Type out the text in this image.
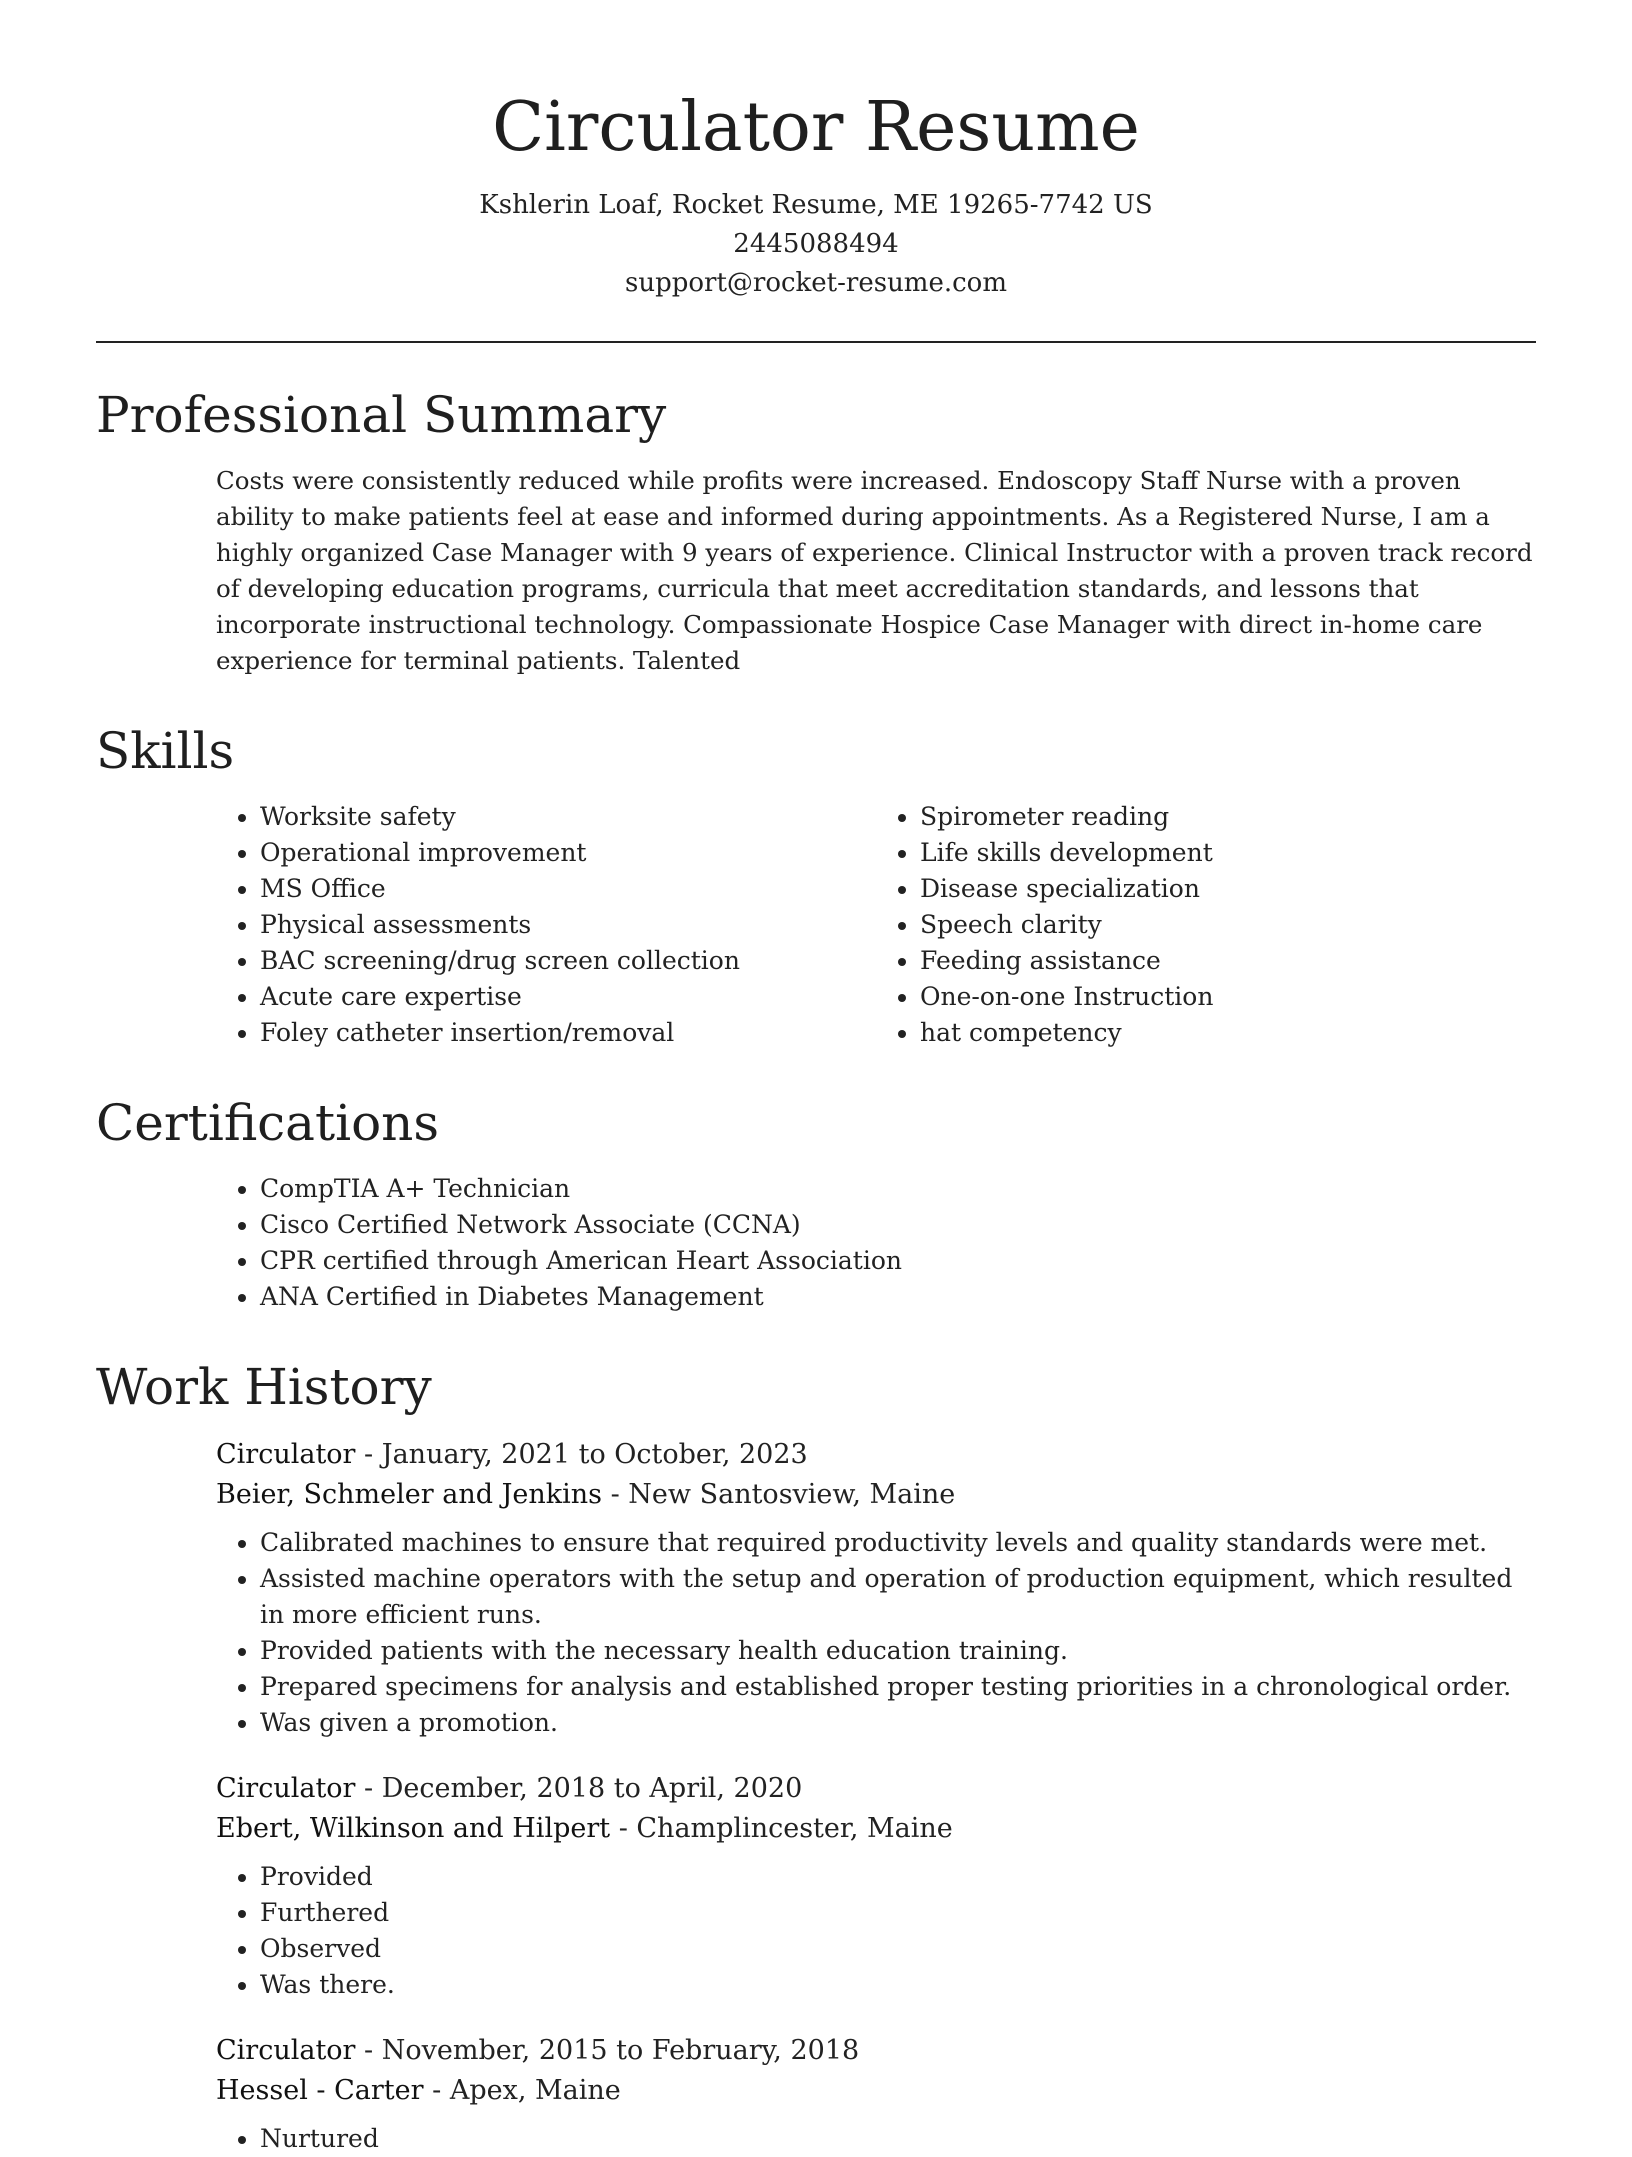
Circulator Resume
Kshlerin Loaf, Rocket Resume, ME 19265-7742 US
2445088494
support@rocket-resume.com
Professional Summary

Costs were consistently reduced while profits were increased. Endoscopy Staff Nurse with a proven ability to make patients feel at ease and informed during appointments. As a Registered Nurse, I am a highly organized Case Manager with 9 years of experience. Clinical Instructor with a proven track record of developing education programs, curricula that meet accreditation standards, and lessons that incorporate instructional technology. Compassionate Hospice Case Manager with direct in-home care experience for terminal patients. Talented

Skills
• Worksite safety
• Operational improvement
• MS Office
• Physical assessments
• BAC screening/drug screen collection
• Acute care expertise
• Foley catheter insertion/removal
• Spirometer reading
• Life skills development
• Disease specialization
• Speech clarity
• Feeding assistance
• One-on-one Instruction
• hat competency
Certifications
• CompTIA A+ Technician
• Cisco Certified Network Associate (CCNA)
• CPR certified through American Heart Association
• ANA Certified in Diabetes Management
Work History
Circulator - January, 2021 to October, 2023
Beier, Schmeler and Jenkins - New Santosview, Maine
• Calibrated machines to ensure that required productivity levels and quality standards were met.
• Assisted machine operators with the setup and operation of production equipment, which resulted in more efficient runs.
• Provided patients with the necessary health education training.
• Prepared specimens for analysis and established proper testing priorities in a chronological order.
• Was given a promotion.
Circulator - December, 2018 to April, 2020
Ebert, Wilkinson and Hilpert - Champlincester, Maine
• Provided
• Furthered
• Observed
• Was there.
Circulator - November, 2015 to February, 2018
Hessel - Carter - Apex, Maine
• Nurtured
